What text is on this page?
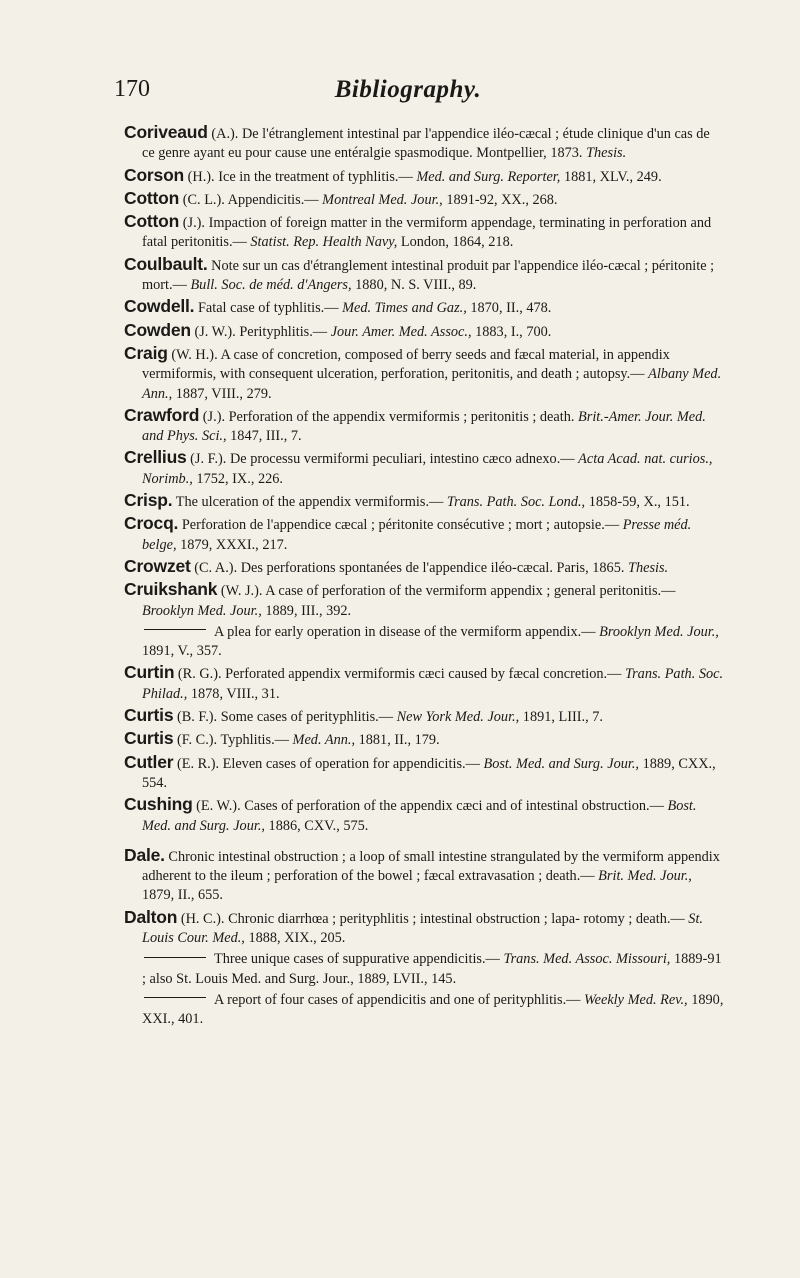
170	Bibliography.

Coriveaud (A.). De l'étranglement intestinal par l'appendice iléo-cæcal ; étude clinique d'un cas de ce genre ayant eu pour cause une entéralgie spasmodique. Montpellier, 1873. Thesis.

Corson (H.). Ice in the treatment of typhlitis.— Med. and Surg. Reporter, 1881, XLV., 249.

Cotton (C. L.). Appendicitis.— Montreal Med. Jour., 1891-92, XX., 268.

Cotton (J.). Impaction of foreign matter in the vermiform appendage, terminating in perforation and fatal peritonitis.— Statist. Rep. Health Navy, London, 1864, 218.

Coulbault. Note sur un cas d'étranglement intestinal produit par l'appendice iléo-cæcal ; péritonite ; mort.— Bull. Soc. de méd. d'Angers, 1880, N. S. VIII., 89.

Cowdell. Fatal case of typhlitis.— Med. Times and Gaz., 1870, II., 478.

Cowden (J. W.). Perityphlitis.— Jour. Amer. Med. Assoc., 1883, I., 700.

Craig (W. H.). A case of concretion, composed of berry seeds and fæcal material, in appendix vermiformis, with consequent ulceration, perforation, peritonitis, and death ; autopsy.— Albany Med. Ann., 1887, VIII., 279.

Crawford (J.). Perforation of the appendix vermiformis ; peritonitis ; death. Brit.-Amer. Jour. Med. and Phys. Sci., 1847, III., 7.

Crellius (J. F.). De processu vermiformi peculiari, intestino cæco adnexo.— Acta Acad. nat. curios., Norimb., 1752, IX., 226.

Crisp. The ulceration of the appendix vermiformis.— Trans. Path. Soc. Lond., 1858-59, X., 151.

Crocq. Perforation de l'appendice cæcal ; péritonite consécutive ; mort ; autopsie.— Presse méd. belge, 1879, XXXI., 217.

Crowzet (C. A.). Des perforations spontanées de l'appendice iléo-cæcal. Paris, 1865. Thesis.

Cruikshank (W. J.). A case of perforation of the vermiform appendix ; general peritonitis.— Brooklyn Med. Jour., 1889, III., 392.

A plea for early operation in disease of the vermiform appendix.— Brooklyn Med. Jour., 1891, V., 357.

Curtin (R. G.). Perforated appendix vermiformis cæci caused by fæcal concretion.— Trans. Path. Soc. Philad., 1878, VIII., 31.

Curtis (B. F.). Some cases of perityphlitis.— New York Med. Jour., 1891, LIII., 7.

Curtis (F. C.). Typhlitis.— Med. Ann., 1881, II., 179.

Cutler (E. R.). Eleven cases of operation for appendicitis.— Bost. Med. and Surg. Jour., 1889, CXX., 554.

Cushing (E. W.). Cases of perforation of the appendix cæci and of intestinal obstruction.— Bost. Med. and Surg. Jour., 1886, CXV., 575.

Dale. Chronic intestinal obstruction ; a loop of small intestine strangulated by the vermiform appendix adherent to the ileum ; perforation of the bowel ; fæcal extravasation ; death.— Brit. Med. Jour., 1879, II., 655.

Dalton (H. C.). Chronic diarrhœa ; perityphlitis ; intestinal obstruction ; lapa- rotomy ; death.— St. Louis Cour. Med., 1888, XIX., 205.

Three unique cases of suppurative appendicitis.— Trans. Med. Assoc. Missouri, 1889-91 ; also St. Louis Med. and Surg. Jour., 1889, LVII., 145.

A report of four cases of appendicitis and one of perityphlitis.— Weekly Med. Rev., 1890, XXI., 401.
